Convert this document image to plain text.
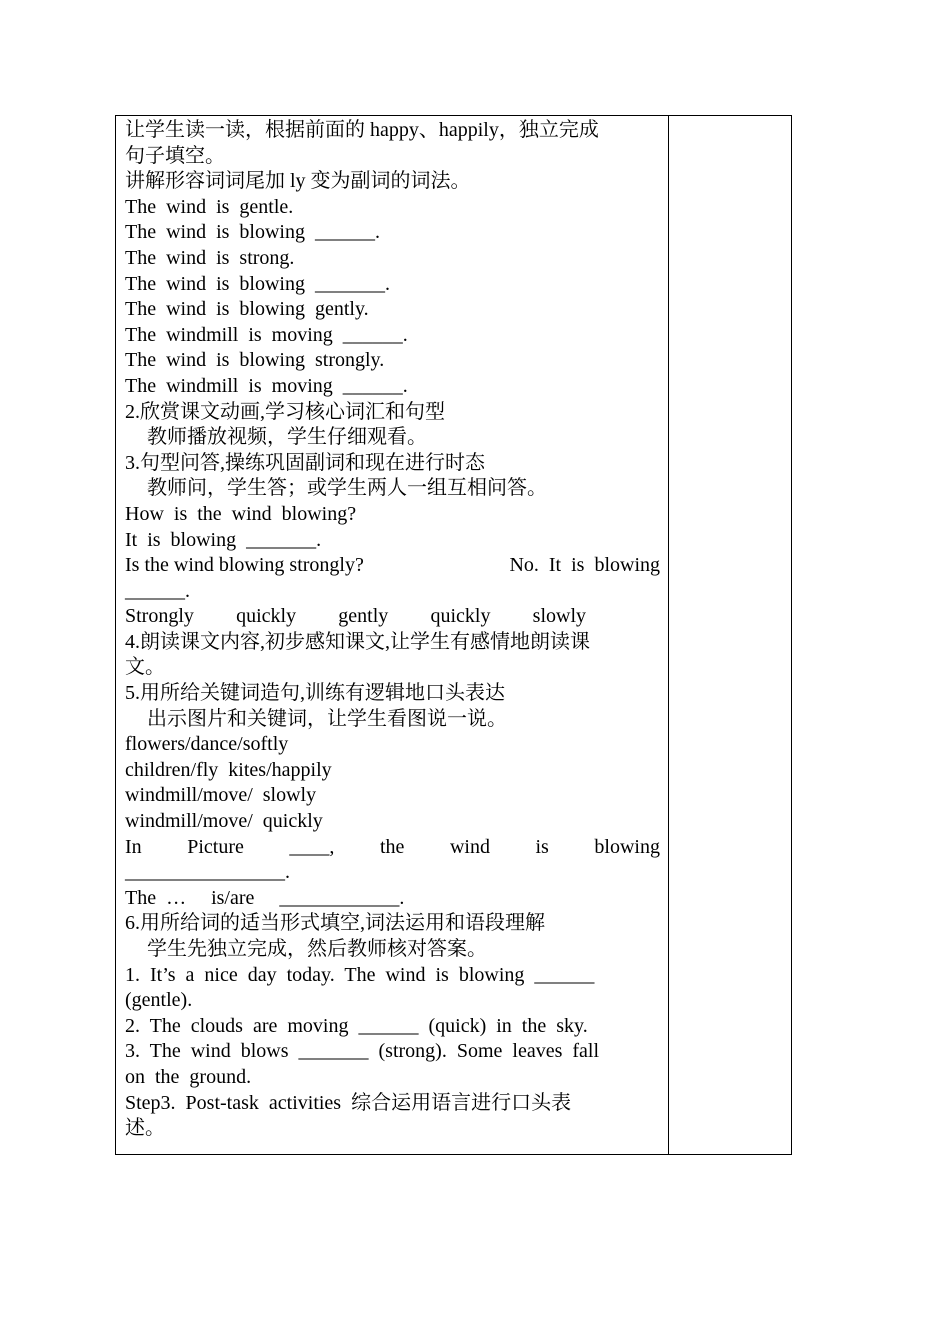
让学生读一读，根据前面的 happy、happily，独立完成
句子填空。
讲解形容词词尾加 ly 变为副词的词法。
The  wind  is  gentle.
The  wind  is  blowing  ______.
The  wind  is  strong.
The  wind  is  blowing  _______.
The  wind  is  blowing  gently.
The  windmill  is  moving  ______.
The  wind  is  blowing  strongly.
The  windmill  is  moving  ______.
2.欣赏课文动画,学习核心词汇和句型
教师播放视频，学生仔细观看。
3.句型问答,操练巩固副词和现在进行时态
教师问，学生答；或学生两人一组互相问答。
How  is  the  wind  blowing?
It  is  blowing  _______.
Is the wind blowing strongly?	No.  It  is  blowing
______.
Strongly quickly gently quickly slowly
4.朗读课文内容,初步感知课文,让学生有感情地朗读课
文。
5.用所给关键词造句,训练有逻辑地口头表达
出示图片和关键词，让学生看图说一说。
flowers/dance/softly
children/fly  kites/happily
windmill/move/  slowly
windmill/move/  quickly
In Picture ____, the wind is blowing
________________.
The  …     is/are     ____________.
6.用所给词的适当形式填空,词法运用和语段理解
学生先独立完成，然后教师核对答案。
1.  It’s  a  nice  day  today.  The  wind  is  blowing  ______
(gentle).
2.  The  clouds  are  moving  ______  (quick)  in  the  sky.
3.  The  wind  blows  _______  (strong).  Some  leaves  fall
on  the  ground.
Step3.  Post-task  activities  综合运用语言进行口头表
述。
